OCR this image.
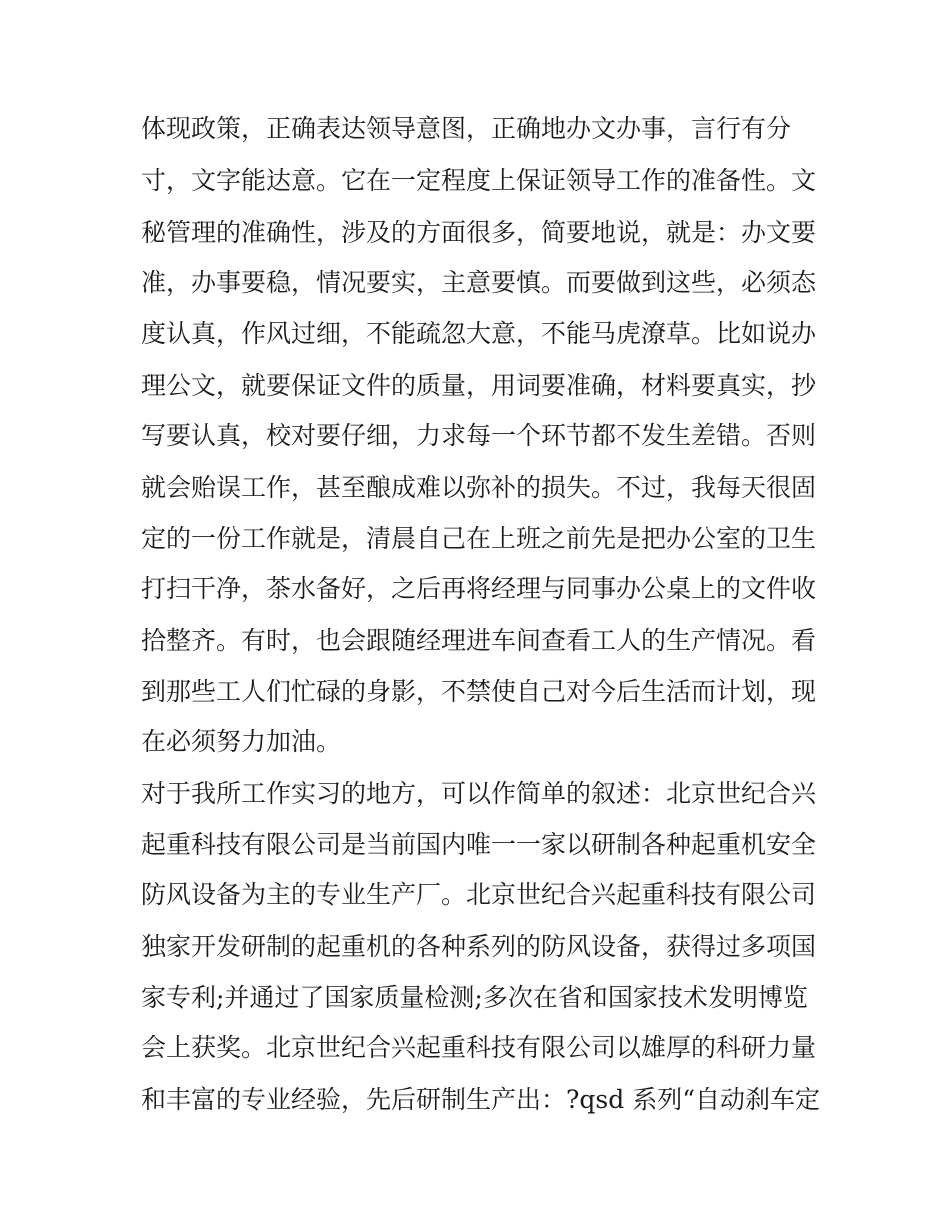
体现政策，正确表达领导意图，正确地办文办事，言行有分
寸，文字能达意。它在一定程度上保证领导工作的准备性。文
秘管理的准确性，涉及的方面很多，简要地说，就是：办文要
准，办事要稳，情况要实，主意要慎。而要做到这些，必须态
度认真，作风过细，不能疏忽大意，不能马虎潦草。比如说办
理公文，就要保证文件的质量，用词要准确，材料要真实，抄
写要认真，校对要仔细，力求每一个环节都不发生差错。否则
就会贻误工作，甚至酿成难以弥补的损失。不过，我每天很固
定的一份工作就是，清晨自己在上班之前先是把办公室的卫生
打扫干净，茶水备好，之后再将经理与同事办公桌上的文件收
拾整齐。有时，也会跟随经理进车间查看工人的生产情况。看
到那些工人们忙碌的身影，不禁使自己对今后生活而计划，现
在必须努力加油。
对于我所工作实习的地方，可以作简单的叙述：北京世纪合兴
起重科技有限公司是当前国内唯一一家以研制各种起重机安全
防风设备为主的专业生产厂。北京世纪合兴起重科技有限公司
独家开发研制的起重机的各种系列的防风设备，获得过多项国
家专利;并通过了国家质量检测;多次在省和国家技术发明博览
会上获奖。北京世纪合兴起重科技有限公司以雄厚的科研力量
和丰富的专业经验，先后研制生产出：?qsd 系列“自动刹车定
